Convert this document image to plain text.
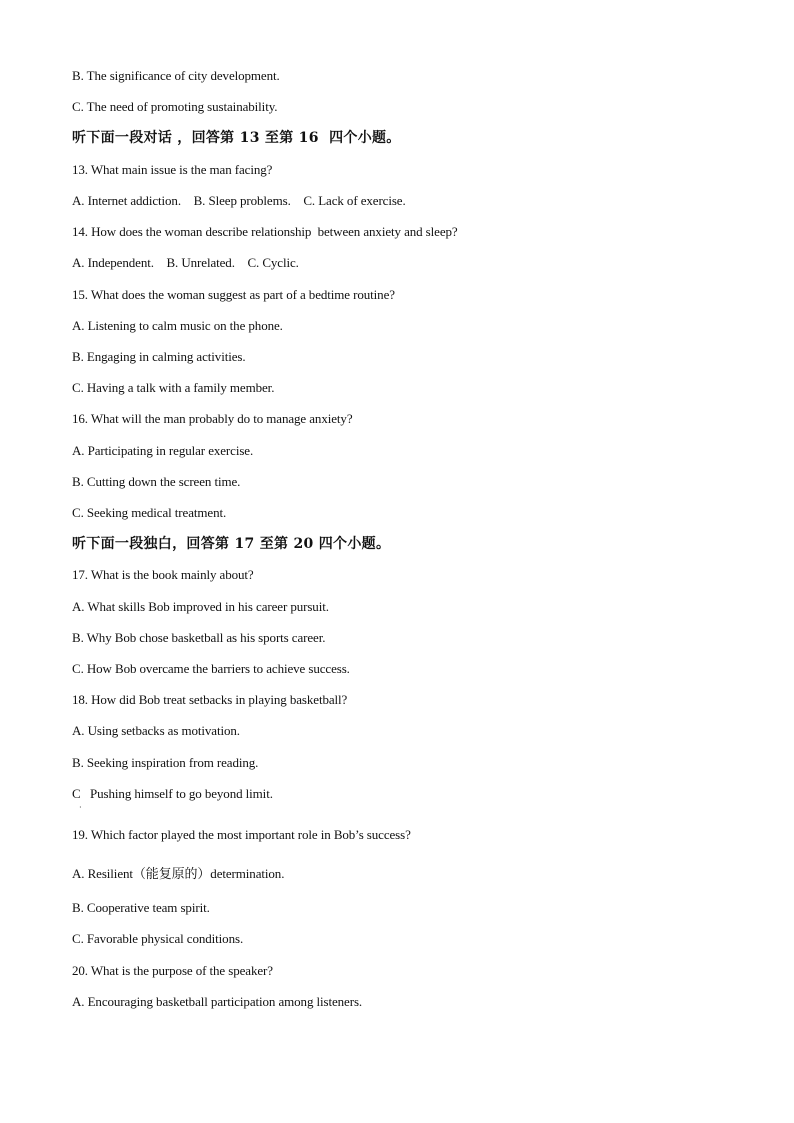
B. The significance of city development.
C. The need of promoting sustainability.
听下面一段对话 ，回答第 13 至第 16  四个小题。
13. What main issue is the man facing?
A. Internet addiction.    B. Sleep problems.    C. Lack of exercise.
14. How does the woman describe relationship  between anxiety and sleep?
A. Independent.    B. Unrelated.    C. Cyclic.
15. What does the woman suggest as part of a bedtime routine?
A. Listening to calm music on the phone.
B. Engaging in calming activities.
C. Having a talk with a family member.
16. What will the man probably do to manage anxiety?
A. Participating in regular exercise.
B. Cutting down the screen time.
C. Seeking medical treatment.
听下面一段独白，回答第 17 至第 20 四个小题。
17. What is the book mainly about?
A. What skills Bob improved in his career pursuit.
B. Why Bob chose basketball as his sports career.
C. How Bob overcame the barriers to achieve success.
18. How did Bob treat setbacks in playing basketball?
A. Using setbacks as motivation.
B. Seeking inspiration from reading.
C   Pushing himself to go beyond limit.
·
19. Which factor played the most important role in Bob’s success?
A. Resilient（能复原的）determination.
B. Cooperative team spirit.
C. Favorable physical conditions.
20. What is the purpose of the speaker?
A. Encouraging basketball participation among listeners.
